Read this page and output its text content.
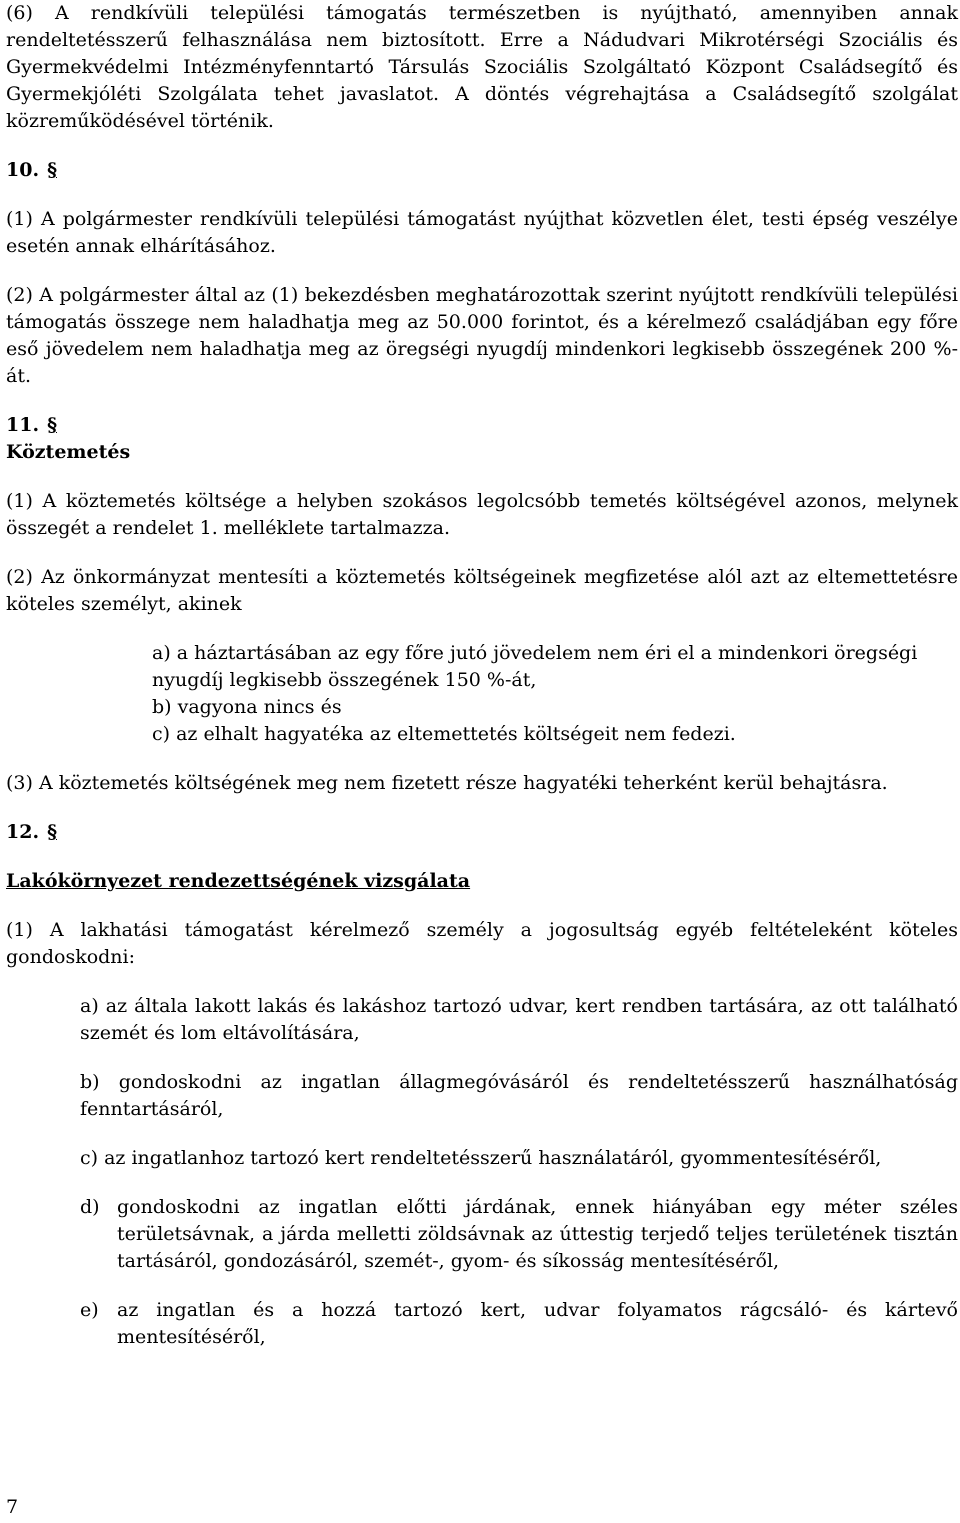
(6) A rendkívüli települési támogatás természetben is nyújtható, amennyiben annak rendeltetésszerű felhasználása nem biztosított. Erre a Nádudvari Mikrotérségi Szociális és Gyermekvédelmi Intézményfenntartó Társulás Szociális Szolgáltató Központ Családsegítő és Gyermekjóléti Szolgálata tehet javaslatot. A döntés végrehajtása a Családsegítő szolgálat közreműködésével történik.

10. §

(1) A polgármester rendkívüli települési támogatást nyújthat közvetlen élet, testi épség veszélye esetén annak elhárításához.

(2) A polgármester által az (1) bekezdésben meghatározottak szerint nyújtott rendkívüli települési támogatás összege nem haladhatja meg az 50.000 forintot, és a kérelmező családjában egy főre eső jövedelem nem haladhatja meg az öregségi nyugdíj mindenkori legkisebb összegének 200 %-át.

11. §

Köztemetés

(1) A köztemetés költsége a helyben szokásos legolcsóbb temetés költségével azonos, melynek összegét a rendelet 1. melléklete tartalmazza.

(2) Az önkormányzat mentesíti a köztemetés költségeinek megfizetése alól azt az eltemettetésre köteles személyt, akinek

a) a háztartásában az egy főre jutó jövedelem nem éri el a mindenkori öregségi nyugdíj legkisebb összegének 150 %-át,

b) vagyona nincs és

c) az elhalt hagyatéka az eltemettetés költségeit nem fedezi.

(3) A köztemetés költségének meg nem fizetett része hagyatéki teherként kerül behajtásra.

12. §

Lakókörnyezet rendezettségének vizsgálata

(1) A lakhatási támogatást kérelmező személy a jogosultság egyéb feltételeként köteles gondoskodni:

a) az általa lakott lakás és lakáshoz tartozó udvar, kert rendben tartására, az ott található szemét és lom eltávolítására,
b) gondoskodni az ingatlan állagmegóvásáról és rendeltetésszerű használhatóság fenntartásáról,
c) az ingatlanhoz tartozó kert rendeltetésszerű használatáról, gyommentesítéséről,
d) gondoskodni az ingatlan előtti járdának, ennek hiányában egy méter széles területsávnak, a járda melletti zöldsávnak az úttestig terjedő teljes területének tisztán tartásáról, gondozásáról, szemét-, gyom- és síkosság mentesítéséről,
e) az ingatlan és a hozzá tartozó kert, udvar folyamatos rágcsáló- és kártevő mentesítéséről,
7
